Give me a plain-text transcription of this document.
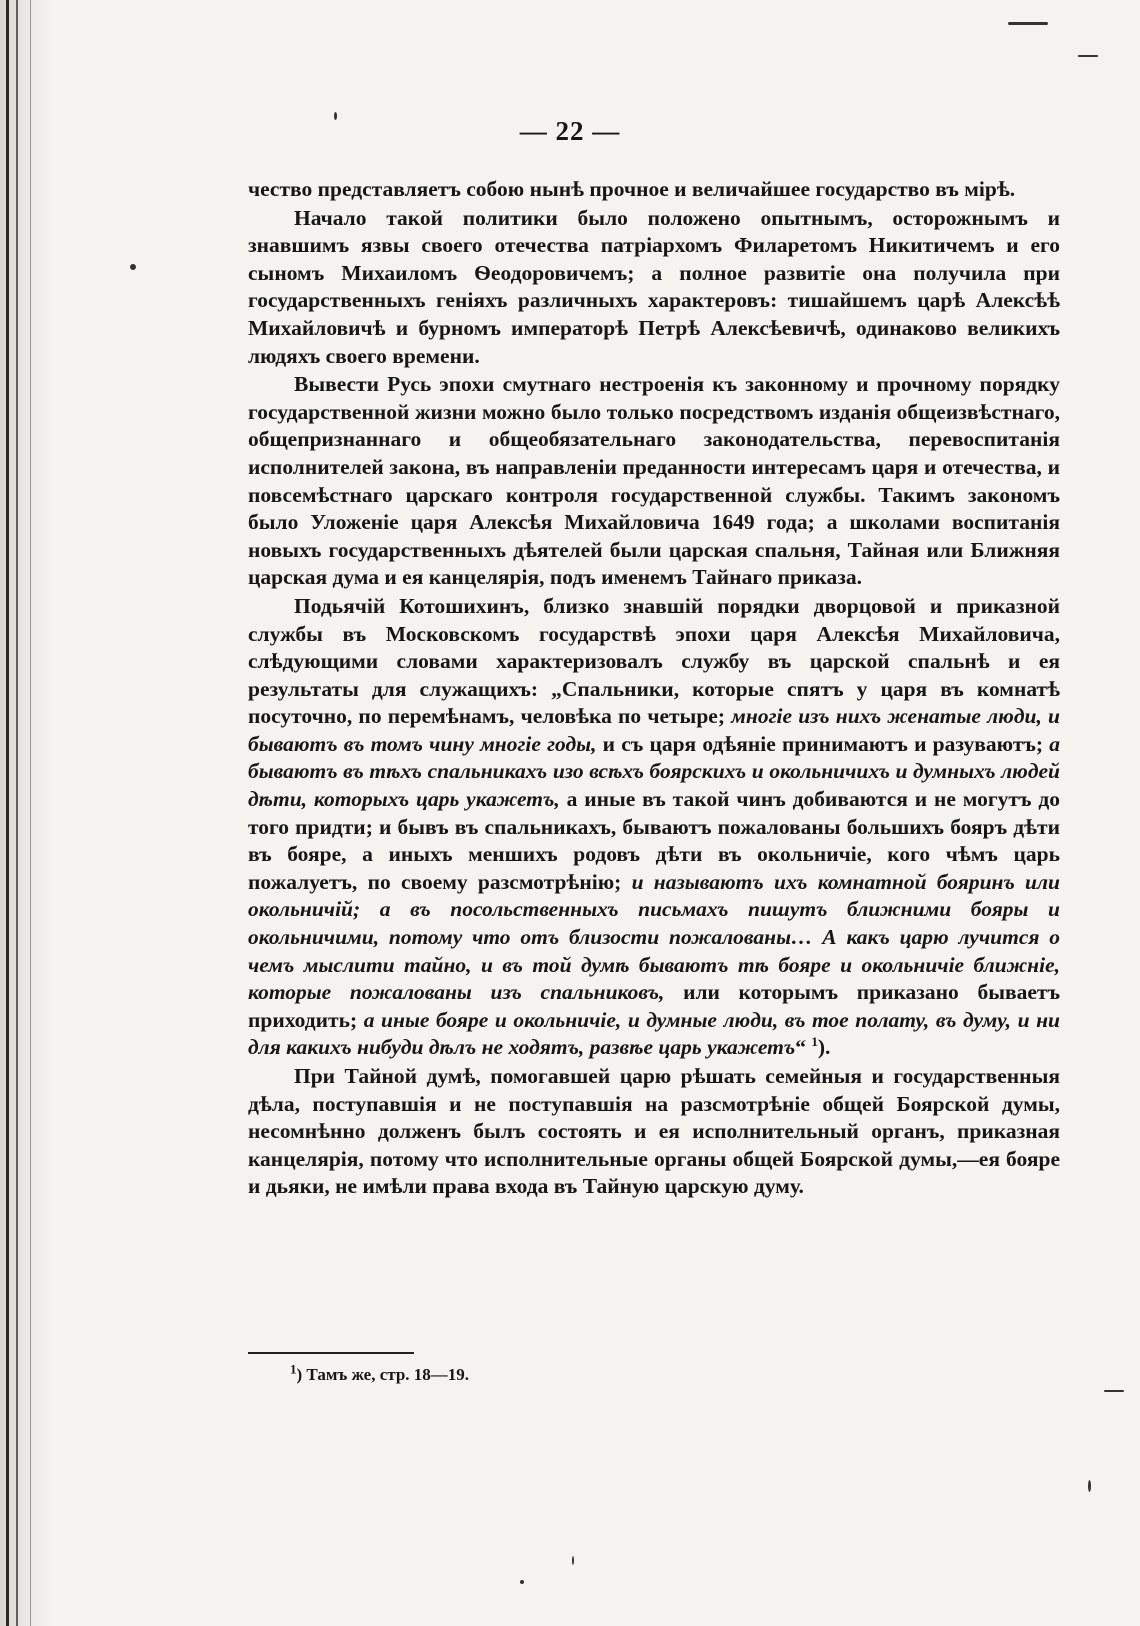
— 22 —

чество представляетъ собою нынѣ прочное и величайшее государство въ мірѣ.

Начало такой политики было положено опытнымъ, осторожнымъ и знавшимъ язвы своего отечества патріархомъ Филаретомъ Никитичемъ и его сыномъ Михаиломъ Ѳеодоровичемъ; а полное развитіе она получила при государственныхъ геніяхъ различныхъ характеровъ: тишайшемъ царѣ Алексѣѣ Михайловичѣ и бурномъ императорѣ Петрѣ Алексѣевичѣ, одинаково великихъ людяхъ своего времени.

Вывести Русь эпохи смутнаго нестроенія къ законному и прочному порядку государственной жизни можно было только посредствомъ изданія общеизвѣстнаго, общепризнаннаго и общеобязательнаго законодательства, перевоспитанія исполнителей закона, въ направленіи преданности интересамъ царя и отечества, и повсемѣстнаго царскаго контроля государственной службы. Такимъ закономъ было Уложеніе царя Алексѣя Михайловича 1649 года; а школами воспитанія новыхъ государственныхъ дѣятелей были царская спальня, Тайная или Ближняя царская дума и ея канцелярія, подъ именемъ Тайнаго приказа.

Подьячій Котошихинъ, близко знавшій порядки дворцовой и приказной службы въ Московскомъ государствѣ эпохи царя Алексѣя Михайловича, слѣдующими словами характеризовалъ службу въ царской спальнѣ и ея результаты для служащихъ: „Спальники, которые спятъ у царя въ комнатѣ посуточно, по перемѣнамъ, человѣка по четыре; многіе изъ нихъ женатые люди, и бываютъ въ томъ чину многіе годы, и съ царя одѣяніе принимаютъ и разуваютъ; а бываютъ въ тѣхъ спальникахъ изо всѣхъ боярскихъ и окольничихъ и думныхъ людей дѣти, которыхъ царь укажетъ, а иные въ такой чинъ добиваются и не могутъ до того придти; и бывъ въ спальникахъ, бываютъ пожалованы большихъ бояръ дѣти въ бояре, а иныхъ меншихъ родовъ дѣти въ окольничіе, кого чѣмъ царь пожалуетъ, по своему разсмотрѣнію; и называютъ ихъ комнатной бояринъ или окольничій; а въ посольственныхъ письмахъ пишутъ ближними бояры и окольничими, потому что отъ близости пожалованы… А какъ царю лучится о чемъ мыслити тайно, и въ той думѣ бываютъ тѣ бояре и окольничіе ближніе, которые пожалованы изъ спальниковъ, или которымъ приказано бываетъ приходить; а иные бояре и окольничіе, и думные люди, въ тое полату, въ думу, и ни для какихъ нибуди дѣлъ не ходятъ, развѣе царь укажетъ“ $^1$).

При Тайной думѣ, помогавшей царю рѣшать семейныя и государственныя дѣла, поступавшія и не поступавшія на разсмотрѣніе общей Боярской думы, несомнѣнно долженъ былъ состоять и ея исполнительный органъ, приказная канцелярія, потому что исполнительные органы общей Боярской думы,—ея бояре и дьяки, не имѣли права входа въ Тайную царскую думу.

$^1$) Тамъ же, стр. 18—19.
